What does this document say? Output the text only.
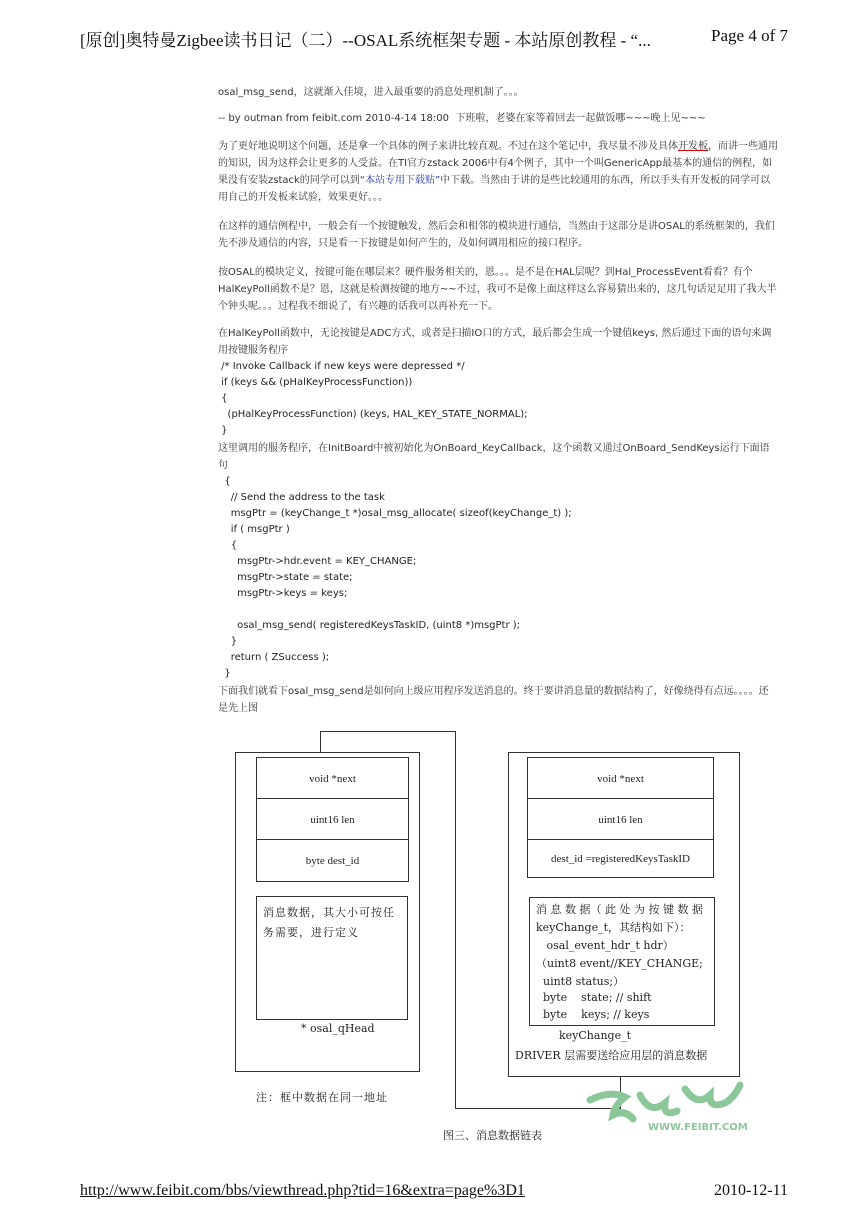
[原创]奥特曼Zigbee读书日记（二）--OSAL系统框架专题 - 本站原创教程 - “...	Page 4 of 7

osal_msg_send，这就渐入佳境，进入最重要的消息处理机制了。。。

-- by outman from feibit.com 2010-4-14 18:00 下班啦，老婆在家等着回去一起做饭哪~~~晚上见~~~

为了更好地说明这个问题，还是拿一个具体的例子来讲比较直观。不过在这个笔记中，我尽量不涉及具体开发板，而讲一些通用的知识，因为这样会让更多的人受益。在TI官方zstack 2006中有4个例子，其中一个叫GenericApp最基本的通信的例程，如果没有安装zstack的同学可以到“本站专用下载贴”中下载。当然由于讲的是些比较通用的东西，所以手头有开发板的同学可以用自己的开发板来试验，效果更好。。。

在这样的通信例程中，一般会有一个按键触发，然后会和相邻的模块进行通信，当然由于这部分是讲OSAL的系统框架的，我们先不涉及通信的内容，只是看一下按键是如何产生的，及如何调用相应的接口程序。

按OSAL的模块定义，按键可能在哪层来？硬件服务相关的，恩。。。是不是在HAL层呢？到Hal_ProcessEvent看看？有个HalKeyPoll函数不是？恩，这就是检测按键的地方~~不过，我可不是像上面这样这么容易猜出来的，这几句话足足用了我大半个钟头呢。。。过程我不细说了，有兴趣的话我可以再补充一下。

在HalKeyPoll函数中，无论按键是ADC方式，或者是扫描IO口的方式，最后都会生成一个键值keys, 然后通过下面的语句来调用按键服务程序

/* Invoke Callback if new keys were depressed */
if (keys && (pHalKeyProcessFunction))
{
(pHalKeyProcessFunction) (keys, HAL_KEY_STATE_NORMAL);
}

这里调用的服务程序，在InitBoard中被初始化为OnBoard_KeyCallback，这个函数又通过OnBoard_SendKeys运行下面语句

{
// Send the address to the task
msgPtr = (keyChange_t *)osal_msg_allocate( sizeof(keyChange_t) );
if ( msgPtr )
{
msgPtr->hdr.event = KEY_CHANGE;
msgPtr->state = state;
msgPtr->keys = keys;

osal_msg_send( registeredKeysTaskID, (uint8 *)msgPtr );
}
return ( ZSuccess );
}

下面我们就看下osal_msg_send是如何向上级应用程序发送消息的。终于要讲消息量的数据结构了，好像绕得有点远。。。。还是先上图

void *next
uint16 len
byte dest_id
消息数据，其大小可按任务需要，进行定义
* osal_qHead
void *next
uint16 len
dest_id =registeredKeysTaskID
消 息 数 据（ 此 处 为 按 键 数 据
keyChange_t，其结构如下）：
osal_event_hdr_t hdr）
（uint8 event//KEY_CHANGE;
uint8 status;）
byte    state; // shift
byte    keys; // keys
keyChange_t
DRIVER 层需要送给应用层的消息数据
注：框中数据在同一地址
图三、消息数据链表
WWW.FEIBIT.COM
http://www.feibit.com/bbs/viewthread.php?tid=16&extra=page%3D1	2010-12-11
